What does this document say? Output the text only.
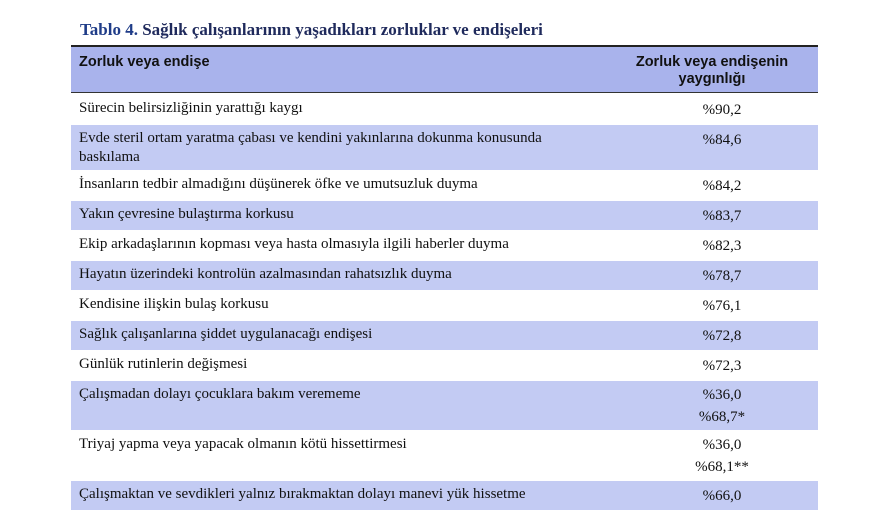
Tablo 4. Sağlık çalışanlarının yaşadıkları zorluklar ve endişeleri
Zorluk veya endişe	Zorluk veya endişenin
yaygınlığı
Sürecin belirsizliğinin yarattığı kaygı	%90,2

Evde steril ortam yaratma çabası ve kendini yakınlarına dokunma konusunda baskılama	%84,6

İnsanların tedbir almadığını düşünerek öfke ve umutsuzluk duyma	%84,2

Yakın çevresine bulaştırma korkusu	%83,7

Ekip arkadaşlarının kopması veya hasta olmasıyla ilgili haberler duyma	%82,3

Hayatın üzerindeki kontrolün azalmasından rahatsızlık duyma	%78,7

Kendisine ilişkin bulaş korkusu	%76,1

Sağlık çalışanlarına şiddet uygulanacağı endişesi	%72,8

Günlük rutinlerin değişmesi	%72,3

Çalışmadan dolayı çocuklara bakım verememe	%36,0
%68,7*

Triyaj yapma veya yapacak olmanın kötü hissettirmesi	%36,0
%68,1**

Çalışmaktan ve sevdikleri yalnız bırakmaktan dolayı manevi yük hissetme	%66,0
